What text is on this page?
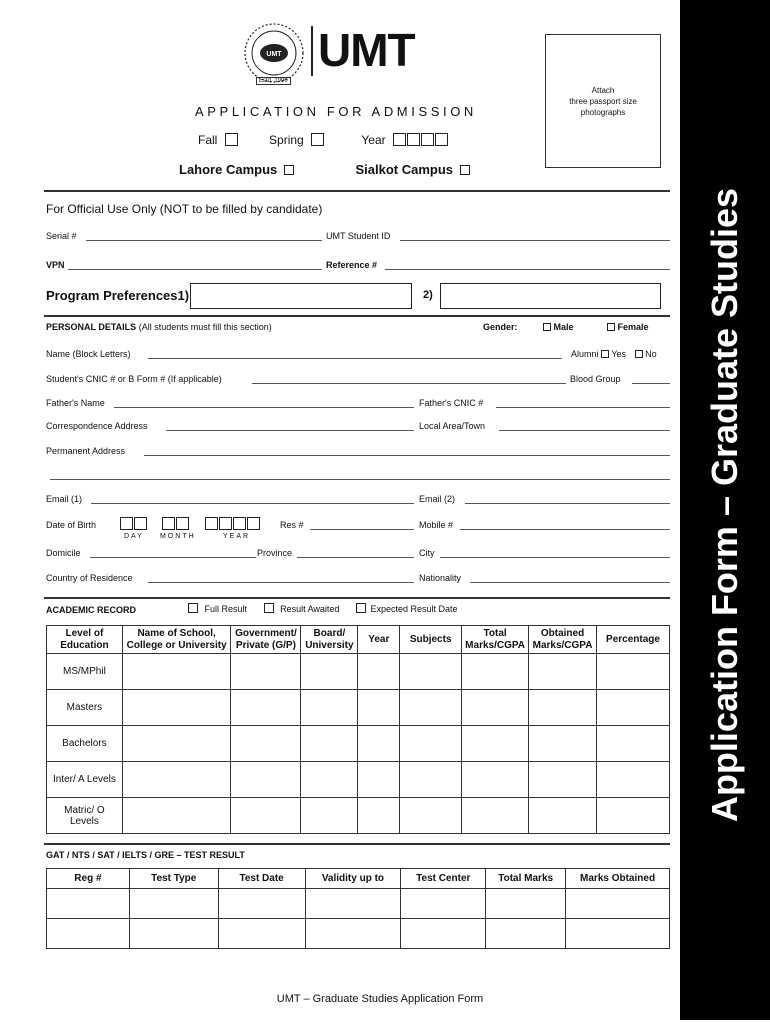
UMT
Estd. 1990
UMT
APPLICATION FOR ADMISSION
Fall	Spring	Year
Lahore Campus	Sialkot Campus
Attach
three passport size
photographs
Application Form – Graduate Studies
For Official Use Only (NOT to be filled by candidate)
Serial #	UMT Student ID
VPN	Reference #
Program Preferences1)	2)
PERSONAL DETAILS (All students must fill this section)	Gender:	Male	Female
Name (Block Letters)	Alumni Yes No
Student's CNIC # or B Form # (If applicable)	Blood Group
Father's Name	Father's CNIC #
Correspondence Address	Local Area/Town
Permanent Address
Email (1)	Email (2)
Date of Birth

DAY MONTH	YEAR
Res #	Mobile #
Domicile	Province	City
Country of Residence	Nationality
ACADEMIC RECORD	Full Result	Result Awaited	Expected Result Date
Level of Education	Name of School, College or University	Government/ Private (G/P)	Board/ University	Year	Subjects	Total Marks/CGPA	Obtained Marks/CGPA	Percentage
MS/MPhil								
Masters								
Bachelors								
Inter/ A Levels								
Matric/ O Levels								
GAT / NTS / SAT / IELTS / GRE – TEST RESULT
Reg #	Test Type	Test Date	Validity up to	Test Center	Total Marks	Marks Obtained

UMT – Graduate Studies Application Form
